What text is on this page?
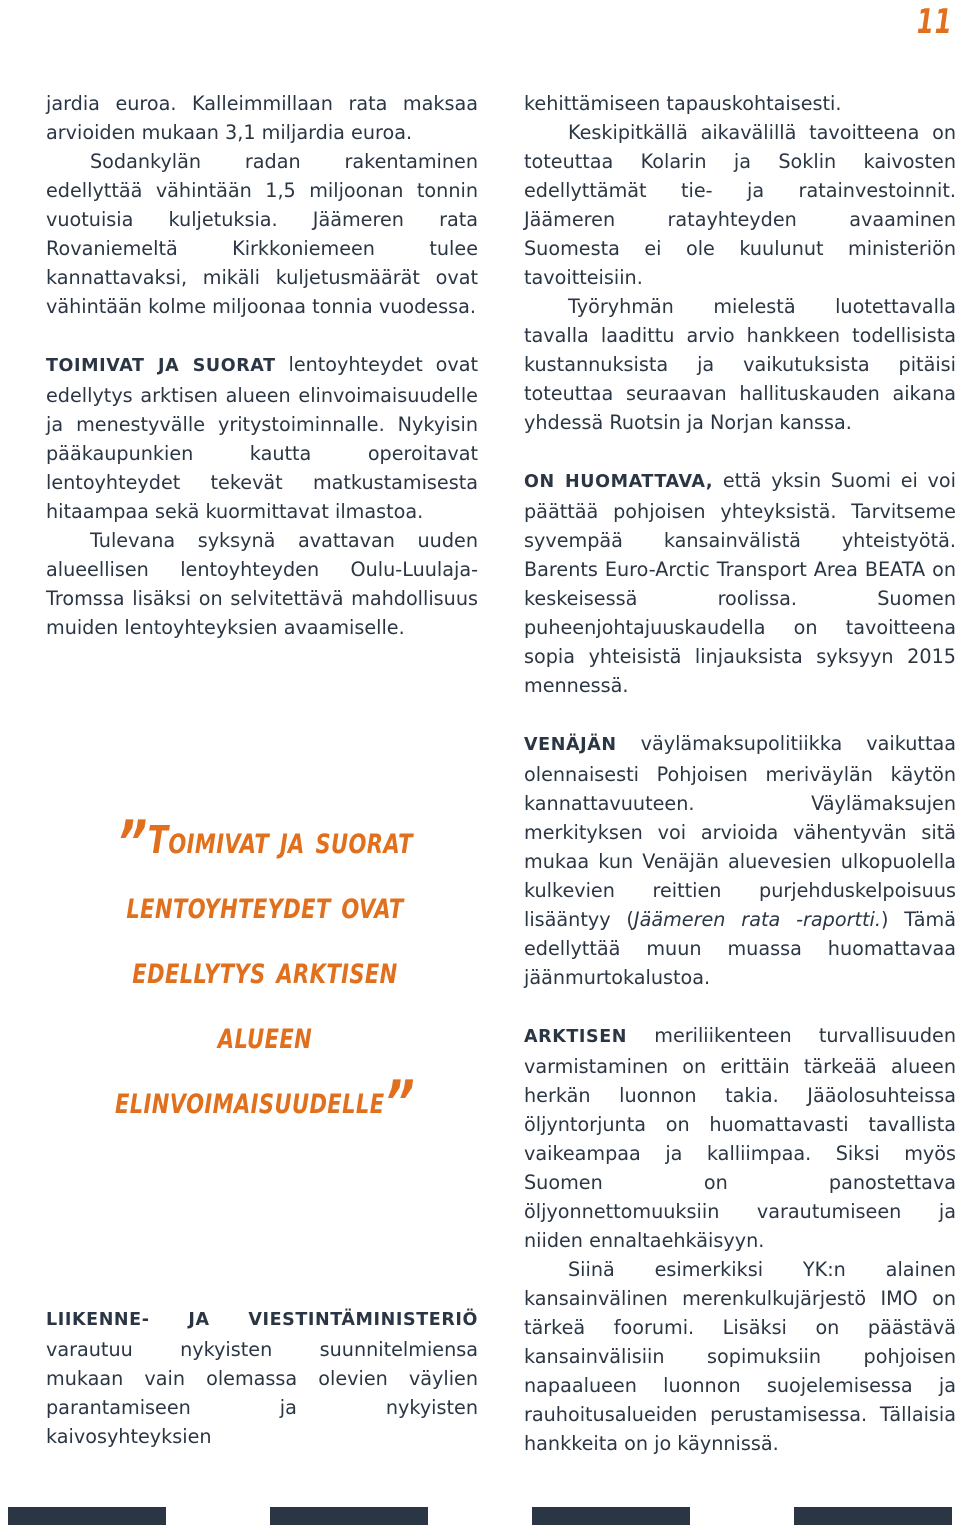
11

jardia euroa. Kalleimmillaan rata maksaa arvioiden mukaan 3,1 miljardia euroa.

Sodankylän radan rakentaminen edellyttää vähintään 1,5 miljoonan tonnin vuotuisia kuljetuksia. Jäämeren rata Rovaniemeltä Kirkkoniemeen tulee kannattavaksi, mikäli kuljetusmäärät ovat vähintään kolme miljoonaa tonnia vuodessa.

TOIMIVAT JA SUORAT lentoyhteydet ovat edellytys arktisen alueen elinvoimaisuudelle ja menestyvälle yritystoiminnalle. Nykyisin pääkaupunkien kautta operoitavat lentoyhteydet tekevät matkustamisesta hitaampaa sekä kuormittavat ilmastoa.

Tulevana syksynä avattavan uuden alueellisen lentoyhteyden Oulu-Luulaja-Tromssa lisäksi on selvitettävä mahdollisuus muiden lentoyhteyksien avaamiselle.

”Toimivat ja suorat lentoyhteydet ovat edellytys arktisen alueen elinvoimaisuudelle”

LIIKENNE- JA VIESTINTÄMINISTERIÖ varautuu nykyisten suunnitelmiensa mukaan vain olemassa olevien väylien parantamiseen ja nykyisten kaivosyhteyksien

kehittämiseen tapauskohtaisesti.

Keskipitkällä aikavälillä tavoitteena on toteuttaa Kolarin ja Soklin kaivosten edellyttämät tie- ja ratainvestoinnit. Jäämeren ratayhteyden avaaminen Suomesta ei ole kuulunut ministeriön tavoitteisiin.

Työryhmän mielestä luotettavalla tavalla laadittu arvio hankkeen todellisista kustannuksista ja vaikutuksista pitäisi toteuttaa seuraavan hallituskauden aikana yhdessä Ruotsin ja Norjan kanssa.

ON HUOMATTAVA, että yksin Suomi ei voi päättää pohjoisen yhteyksistä. Tarvitseme syvempää kansainvälistä yhteistyötä. Barents Euro-Arctic Transport Area BEATA on keskeisessä roolissa. Suomen puheenjohtajuuskaudella on tavoitteena sopia yhteisistä linjauksista syksyyn 2015 mennessä.

VENÄJÄN väylämaksupolitiikka vaikuttaa olennaisesti Pohjoisen meriväylän käytön kannattavuuteen. Väylämaksujen merkityksen voi arvioida vähentyvän sitä mukaa kun Venäjän aluevesien ulkopuolella kulkevien reittien purjehduskelpoisuus lisääntyy (Jäämeren rata -raportti.) Tämä edellyttää muun muassa huomattavaa jäänmurtokalustoa.

ARKTISEN meriliikenteen turvallisuuden varmistaminen on erittäin tärkeää alueen herkän luonnon takia. Jääolosuhteissa öljyntorjunta on huomattavasti tavallista vaikeampaa ja kalliimpaa. Siksi myös Suomen on panostettava öljyonnettomuuksiin varautumiseen ja niiden ennaltaehkäisyyn.

Siinä esimerkiksi YK:n alainen kansainvälinen merenkulkujärjestö IMO on tärkeä foorumi. Lisäksi on päästävä kansainvälisiin sopimuksiin pohjoisen napaalueen luonnon suojelemisessa ja rauhoitusalueiden perustamisessa. Tällaisia hankkeita on jo käynnissä.
